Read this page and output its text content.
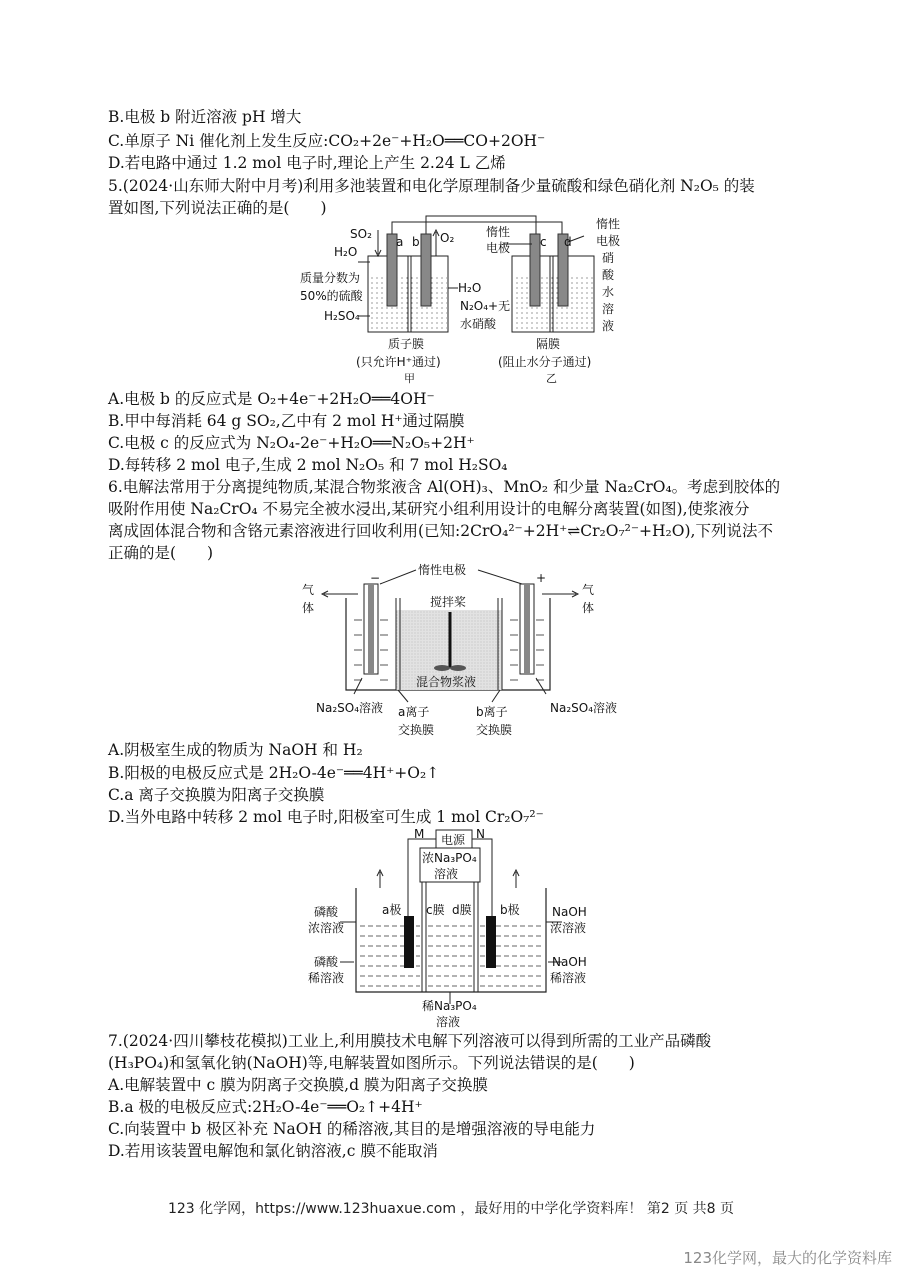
B.电极 b 附近溶液 pH 增大
C.单原子 Ni 催化剂上发生反应:CO₂+2e⁻+H₂O══CO+2OH⁻
D.若电路中通过 1.2 mol 电子时,理论上产生 2.24 L 乙烯
5.(2024·山东师大附中月考)利用多池装置和电化学原理制备少量硫酸和绿色硝化剂 N₂O₅ 的装
置如图,下列说法正确的是(　　)
SO₂
a b O₂
H₂O
质量分数为
50%的硫酸
H₂SO₄
H₂O
质子膜
(只允许H⁺通过)
甲
惰性
电极 c d
N₂O₄+无
水硝酸
惰性
电极
硝
酸
水
溶
液
隔膜
(阻止水分子通过)
乙
A.电极 b 的反应式是 O₂+4e⁻+2H₂O══4OH⁻
B.甲中每消耗 64 g SO₂,乙中有 2 mol H⁺通过隔膜
C.电极 c 的反应式为 N₂O₄-2e⁻+H₂O══N₂O₅+2H⁺
D.每转移 2 mol 电子,生成 2 mol N₂O₅ 和 7 mol H₂SO₄
6.电解法常用于分离提纯物质,某混合物浆液含 Al(OH)₃、MnO₂ 和少量 Na₂CrO₄。考虑到胶体的
吸附作用使 Na₂CrO₄ 不易完全被水浸出,某研究小组利用设计的电解分离装置(如图),使浆液分
离成固体混合物和含铬元素溶液进行回收利用(已知:2CrO₄²⁻+2H⁺⇌Cr₂O₇²⁻+H₂O),下列说法不
正确的是(　　)
惰性电极
气
体
气
体
−	+
搅拌桨
混合物浆液
Na₂SO₄溶液	Na₂SO₄溶液
a离子
交换膜
b离子
交换膜
A.阴极室生成的物质为 NaOH 和 H₂
B.阳极的电极反应式是 2H₂O-4e⁻══4H⁺+O₂↑
C.a 离子交换膜为阳离子交换膜
D.当外电路中转移 2 mol 电子时,阳极室可生成 1 mol Cr₂O₇²⁻
M	N
电源
浓Na₃PO₄
溶液
a极 c膜 d膜 b极
磷酸
浓溶液
磷酸
稀溶液
NaOH
浓溶液
NaOH
稀溶液
稀Na₃PO₄
溶液
7.(2024·四川攀枝花模拟)工业上,利用膜技术电解下列溶液可以得到所需的工业产品磷酸
(H₃PO₄)和氢氧化钠(NaOH)等,电解装置如图所示。下列说法错误的是(　　)
A.电解装置中 c 膜为阴离子交换膜,d 膜为阳离子交换膜
B.a 极的电极反应式:2H₂O-4e⁻══O₂↑+4H⁺
C.向装置中 b 极区补充 NaOH 的稀溶液,其目的是增强溶液的导电能力
D.若用该装置电解饱和氯化钠溶液,c 膜不能取消
123 化学网，https://www.123huaxue.com ，最好用的中学化学资料库！ 第2 页 共8 页
123化学网，最大的化学资料库
